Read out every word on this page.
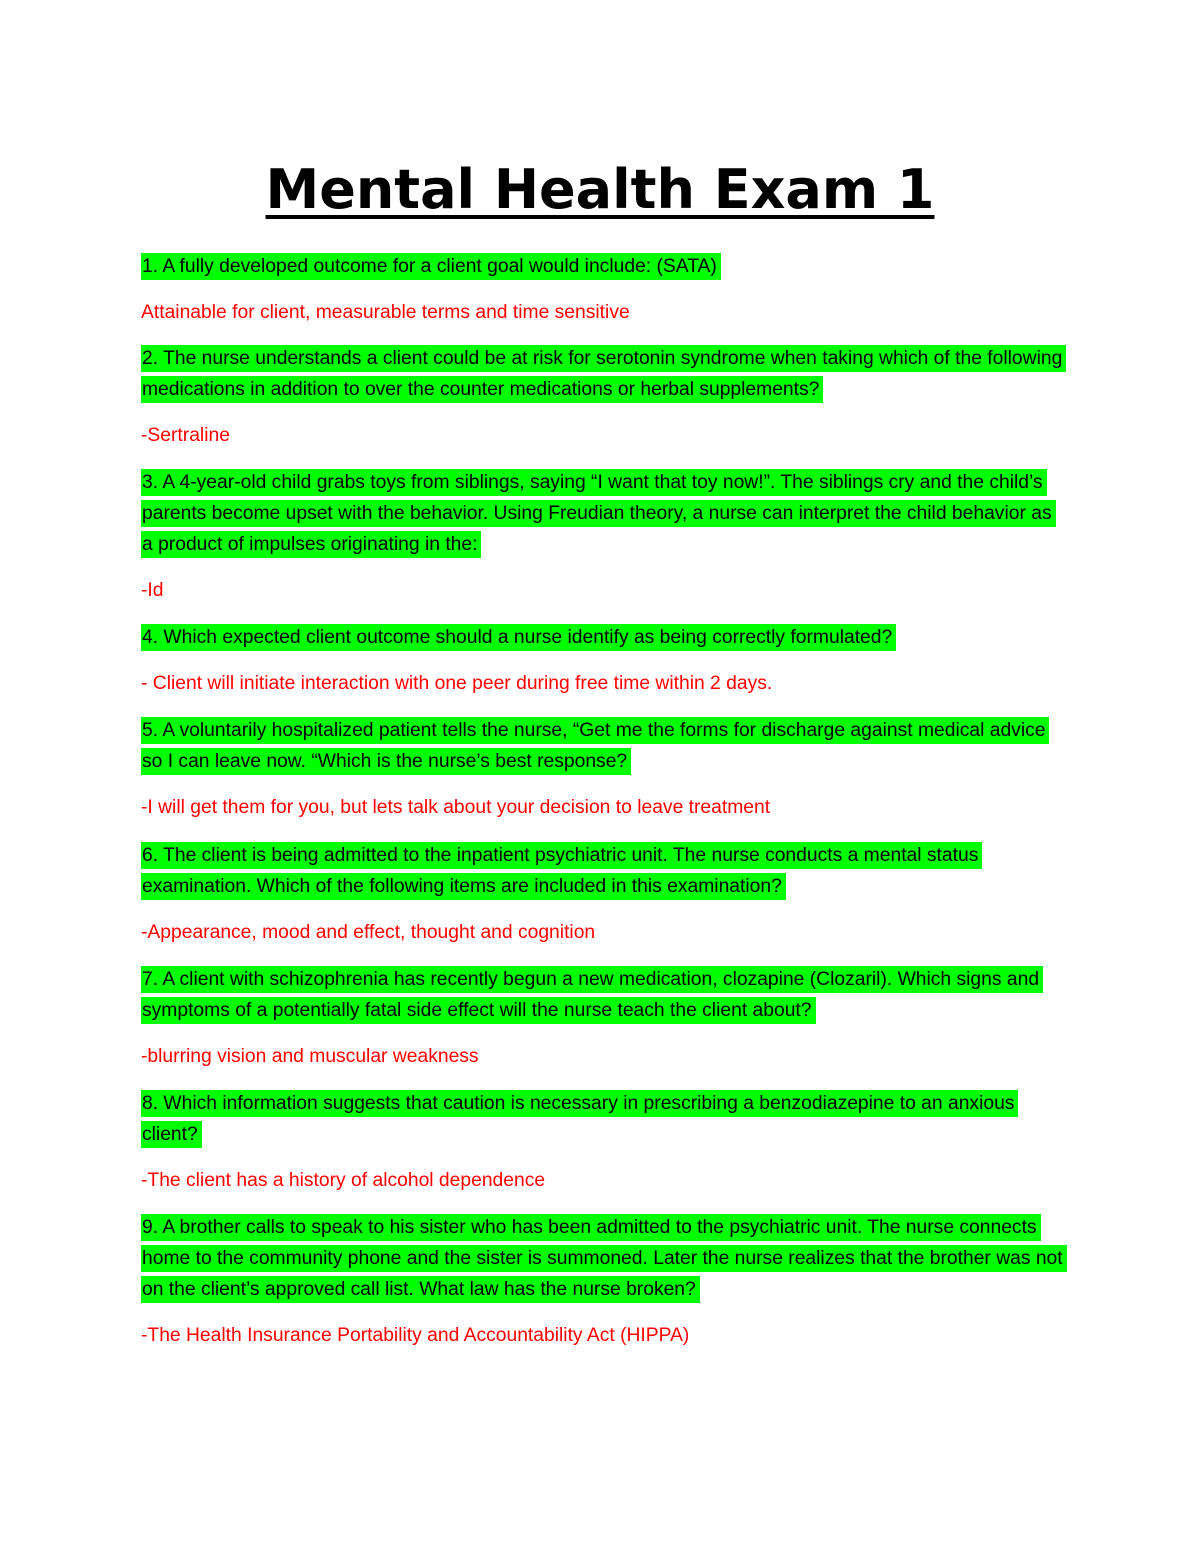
Mental Health Exam 1

1. A fully developed outcome for a client goal would include: (SATA)

Attainable for client, measurable terms and time sensitive

2. The nurse understands a client could be at risk for serotonin syndrome when taking which of the following medications in addition to over the counter medications or herbal supplements?

-Sertraline

3. A 4-year-old child grabs toys from siblings, saying “I want that toy now!”. The siblings cry and the child’s parents become upset with the behavior. Using Freudian theory, a nurse can interpret the child behavior as a product of impulses originating in the:

-Id

4. Which expected client outcome should a nurse identify as being correctly formulated?

- Client will initiate interaction with one peer during free time within 2 days.

5. A voluntarily hospitalized patient tells the nurse, “Get me the forms for discharge against medical advice so I can leave now. “Which is the nurse’s best response?

-I will get them for you, but lets talk about your decision to leave treatment

6. The client is being admitted to the inpatient psychiatric unit. The nurse conducts a mental status examination. Which of the following items are included in this examination?

-Appearance, mood and effect, thought and cognition

7. A client with schizophrenia has recently begun a new medication, clozapine (Clozaril). Which signs and symptoms of a potentially fatal side effect will the nurse teach the client about?

-blurring vision and muscular weakness

8. Which information suggests that caution is necessary in prescribing a benzodiazepine to an anxious client?

-The client has a history of alcohol dependence

9. A brother calls to speak to his sister who has been admitted to the psychiatric unit. The nurse connects home to the community phone and the sister is summoned. Later the nurse realizes that the brother was not on the client’s approved call list. What law has the nurse broken?

-The Health Insurance Portability and Accountability Act (HIPPA)
